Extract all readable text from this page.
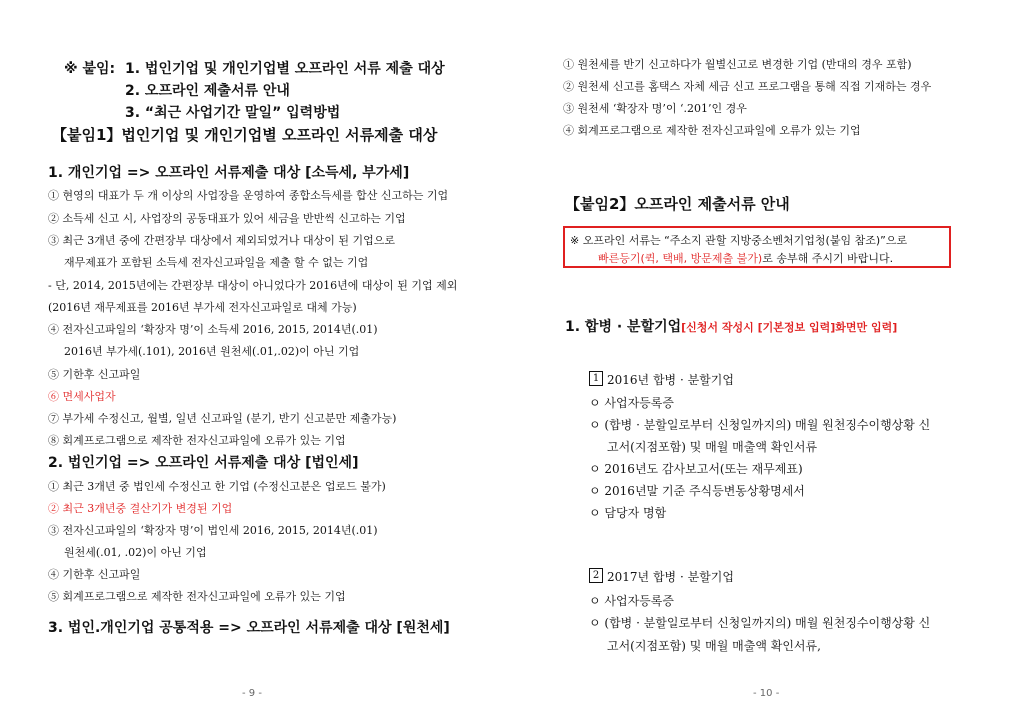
※ 붙임: 1. 법인기업 및 개인기업별 오프라인 서류 제출 대상
2. 오프라인 제출서류 안내
3. “최근 사업기간 말일” 입력방법
【붙임1】법인기업 및 개인기업별 오프라인 서류제출 대상
1. 개인기업 => 오프라인 서류제출 대상 [소득세, 부가세]
① 현영의 대표가 두 개 이상의 사업장을 운영하여 종합소득세를 합산 신고하는 기업
② 소득세 신고 시, 사업장의 공동대표가 있어 세금을 반반씩 신고하는 기업
③ 최근 3개년 중에 간편장부 대상에서 제외되었거나 대상이 된 기업으로
재무제표가 포함된 소득세 전자신고파일을 제출 할 수 없는 기업
- 단, 2014, 2015년에는 간편장부 대상이 아니었다가 2016년에 대상이 된 기업 제외
(2016년 재무제표를 2016년 부가세 전자신고파일로 대체 가능)
④ 전자신고파일의 ‘확장자 명’이 소득세 2016, 2015, 2014년(.01)
2016년 부가세(.101), 2016년 원천세(.01,.02)이 아닌 기업
⑤ 기한후 신고파일
⑥ 면세사업자
⑦ 부가세 수정신고, 월별, 일년 신고파일 (분기, 반기 신고분만 제출가능)
⑧ 회계프로그램으로 제작한 전자신고파일에 오류가 있는 기업
2. 법인기업 => 오프라인 서류제출 대상 [법인세]
① 최근 3개년 중 법인세 수정신고 한 기업 (수정신고분은 업로드 불가)
② 최근 3개년중 결산기가 변경된 기업
③ 전자신고파일의 ‘확장자 명’이 법인세 2016, 2015, 2014년(.01)
원천세(.01, .02)이 아닌 기업
④ 기한후 신고파일
⑤ 회계프로그램으로 제작한 전자신고파일에 오류가 있는 기업
3. 법인.개인기업 공통적용 => 오프라인 서류제출 대상 [원천세]
- 9 -
① 원천세를 반기 신고하다가 월별신고로 변경한 기업 (반대의 경우 포함)
② 원천세 신고를 홈택스 자체 세금 신고 프로그램을 통해 직접 기재하는 경우
③ 원천세 ‘확장자 명’이 ‘.201’인 경우
④ 회계프로그램으로 제작한 전자신고파일에 오류가 있는 기업
【붙임2】오프라인 제출서류 안내
※ 오프라인 서류는 “주소지 관할 지방중소벤처기업청(붙임 참조)”으로
빠른등기(퀵, 택배, 방문제출 불가)로 송부해 주시기 바랍니다.
1. 합병 · 분할기업[신청서 작성시 [기본정보 입력]화면만 입력]
1 2016년 합병 · 분할기업
ㅇ 사업자등록증
ㅇ (합병 · 분할일로부터 신청일까지의) 매월 원천징수이행상황 신
고서(지점포함) 및 매월 매출액 확인서류
ㅇ 2016년도 감사보고서(또는 재무제표)
ㅇ 2016년말 기준 주식등변동상황명세서
ㅇ 담당자 명함
2 2017년 합병 · 분할기업
ㅇ 사업자등록증
ㅇ (합병 · 분할일로부터 신청일까지의) 매월 원천징수이행상황 신
고서(지점포함) 및 매월 매출액 확인서류,
- 10 -
